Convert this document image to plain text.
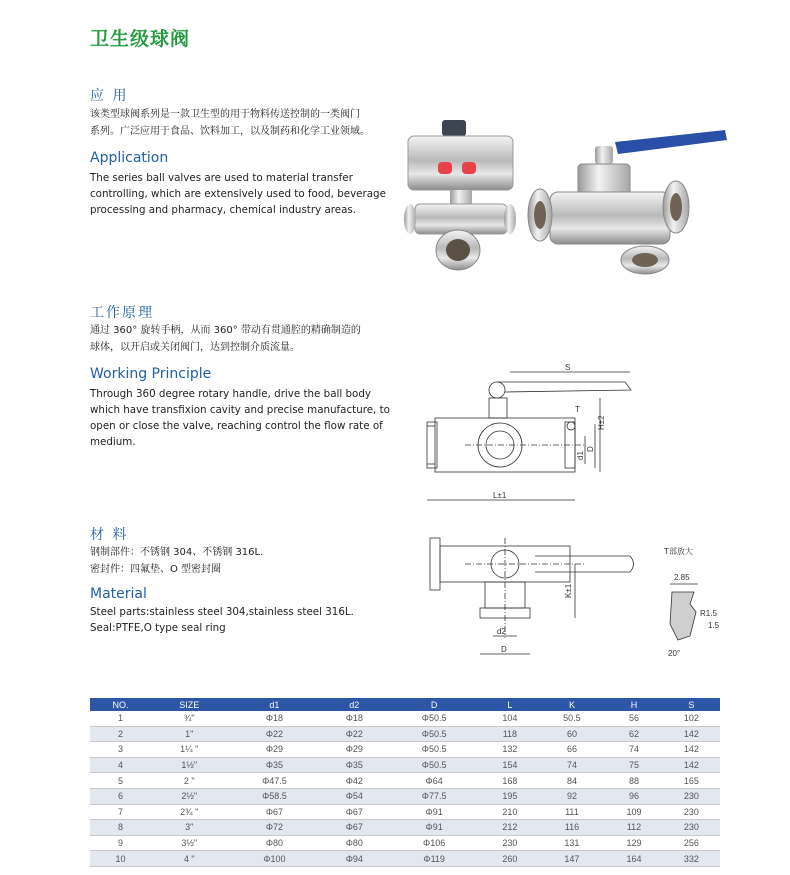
卫生级球阀
应 用
该类型球阀系列是一款卫生型的用于物料传送控制的一类阀门
系列。广泛应用于食品、饮料加工，以及制药和化学工业领域。
Application
The series ball valves are used to material transfer
controlling, which are extensively used to food, beverage
processing and pharmacy, chemical industry areas.
工作原理
通过 360° 旋转手柄，从而 360° 带动有贯通腔的精确制造的
球体，以开启或关闭阀门，达到控制介质流量。
Working Principle
Through 360 degree rotary handle, drive the ball body
which have transfixion cavity and precise manufacture, to
open or close the valve, reaching control the flow rate of
medium.
S
T
H±2
d1
D
L±1
材 料
钢制部件：不锈钢 304、不锈钢 316L.
密封件：四氟垫、O 型密封圈
Material
Steel parts:stainless steel 304,stainless steel 316L.
Seal:PTFE,O type seal ring
K±1
d2
D
T部放大
2.85
R1.5
1.5
20°
NO.	SIZE	d1	d2	D	L	K	H	S
1	¾"	Φ18	Φ18	Φ50.5	104	50.5	56	102
2	1"	Φ22	Φ22	Φ50.5	118	60	62	142
3	1¼ "	Φ29	Φ29	Φ50.5	132	66	74	142
4	1½"	Φ35	Φ35	Φ50.5	154	74	75	142
5	2 "	Φ47.5	Φ42	Φ64	168	84	88	165
6	2½"	Φ58.5	Φ54	Φ77.5	195	92	96	230
7	2¾ "	Φ67	Φ67	Φ91	210	111	109	230
8	3"	Φ72	Φ67	Φ91	212	116	112	230
9	3½"	Φ80	Φ80	Φ106	230	131	129	256
10	4 "	Φ100	Φ94	Φ119	260	147	164	332
